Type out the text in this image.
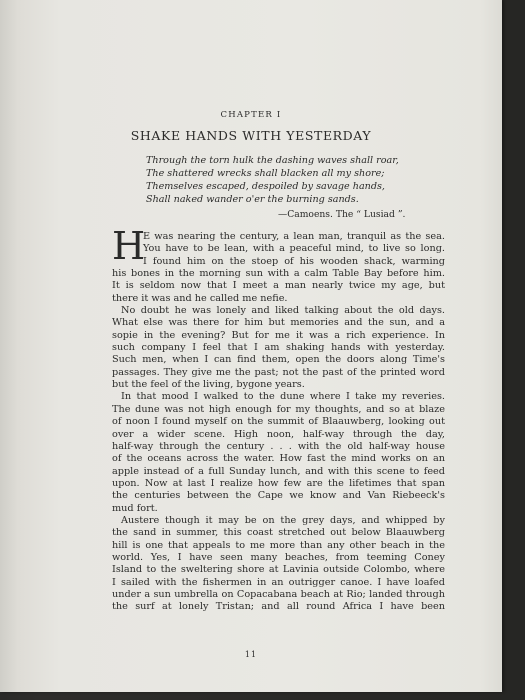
CHAPTER I
SHAKE HANDS WITH YESTERDAY
Through the torn hulk the dashing waves shall roar,
The shattered wrecks shall blacken all my shore;
Themselves escaped, despoiled by savage hands,
Shall naked wander o'er the burning sands.
—Camoens. The “ Lusiad ”.
H
E was nearing the century, a lean man, tranquil as the sea.
You have to be lean, with a peaceful mind, to live so long.
I found him on the stoep of his wooden shack, warming
his bones in the morning sun with a calm Table Bay before him.
It is seldom now that I meet a man nearly twice my age, but
there it was and he called me nefie.
No doubt he was lonely and liked talking about the old days.
What else was there for him but memories and the sun, and a
sopie in the evening? But for me it was a rich experience. In
such company I feel that I am shaking hands with yesterday.
Such men, when I can find them, open the doors along Time's
passages. They give me the past; not the past of the printed word
but the feel of the living, bygone years.
In that mood I walked to the dune where I take my reveries.
The dune was not high enough for my thoughts, and so at blaze
of noon I found myself on the summit of Blaauwberg, looking out
over a wider scene. High noon, half-way through the day,
half-way through the century . . . with the old half-way house
of the oceans across the water. How fast the mind works on an
apple instead of a full Sunday lunch, and with this scene to feed
upon. Now at last I realize how few are the lifetimes that span
the centuries between the Cape we know and Van Riebeeck's
mud fort.
Austere though it may be on the grey days, and whipped by
the sand in summer, this coast stretched out below Blaauwberg
hill is one that appeals to me more than any other beach in the
world. Yes, I have seen many beaches, from teeming Coney
Island to the sweltering shore at Lavinia outside Colombo, where
I sailed with the fishermen in an outrigger canoe. I have loafed
under a sun umbrella on Copacabana beach at Rio; landed through
the surf at lonely Tristan; and all round Africa I have been
11
